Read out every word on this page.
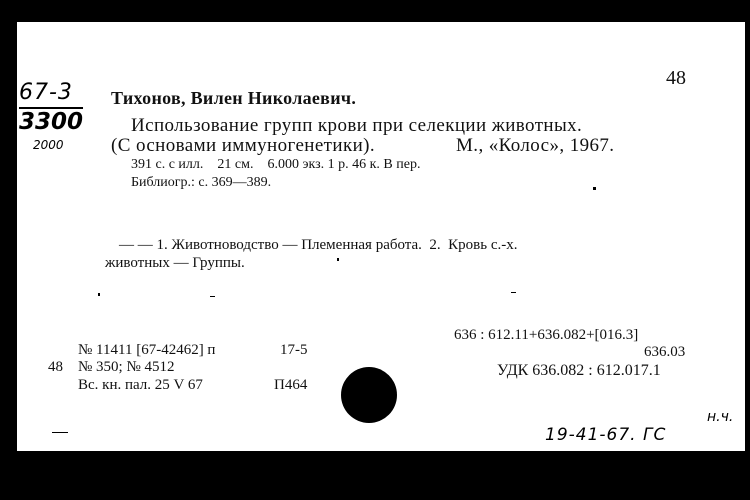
67-3
3300
2000
48
Тихонов, Вилен Николаевич.
Использование групп крови при селекции животных.
(С основами иммуногенетики).	М., «Колос», 1967.
391 с. с илл.    21 см.    6.000 экз. 1 р. 46 к. В пер.
Библиогр.: с. 369—389.
— — 1. Животноводство — Племенная работа.  2.  Кровь с.-х.
животных — Группы.
636 : 612.11+636.082+[016.3]
636.03
УДК 636.082 : 612.017.1
№ 11411 [67-42462] п	17-5
48 № 350; № 4512
Вс. кн. пал. 25 V 67	П464
н.ч.
19-41-67. ГС
